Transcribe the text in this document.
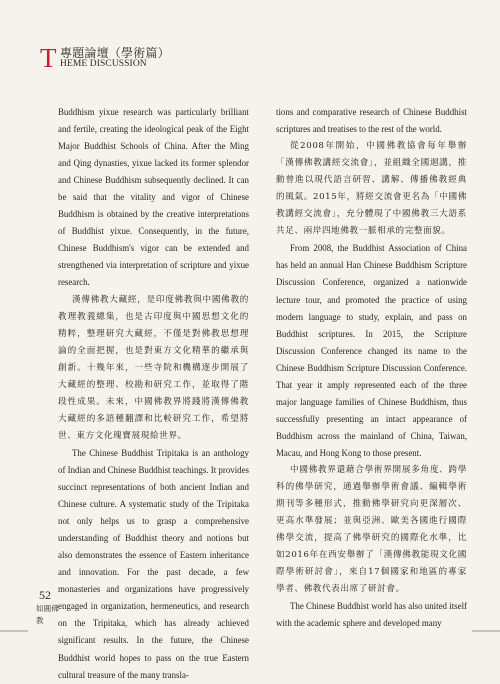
T 專題論壇（學術篇）
HEME DISCUSSION

Buddhism yixue research was particularly brilliant and fertile, creating the ideological peak of the Eight Major Buddhist Schools of China. After the Ming and Qing dynasties, yixue lacked its former splendor and Chinese Buddhism subsequently declined. It can be said that the vitality and vigor of Chinese Buddhism is obtained by the creative interpretations of Buddhist yixue. Consequently, in the future, Chinese Buddhism's vigor can be extended and strengthened via interpretation of scripture and yixue research.

漢傳佛教大藏經，是印度佛教與中國佛教的教理教義總集，也是古印度與中國思想文化的精粹，整理研究大藏經，不僅是對佛教思想理論的全面把握，也是對東方文化精華的繼承與創新。十幾年來，一些寺院和機構逐步開展了大藏經的整理、校勘和研究工作，並取得了階段性成果。未來，中國佛教界將踐將漢傳佛教大藏經的多語種翻譯和比較研究工作，希望將世、東方文化瑰寶展現給世界。

The Chinese Buddhist Tripitaka is an anthology of Indian and Chinese Buddhist teachings. It provides succinct representations of both ancient Indian and Chinese culture. A systematic study of the Tripitaka not only helps us to grasp a comprehensive understanding of Buddhist theory and notions but also demonstrates the essence of Eastern inheritance and innovation. For the past decade, a few monasteries and organizations have progressively engaged in organization, hermeneutics, and research on the Tripitaka, which has already achieved significant results. In the future, the Chinese Buddhist world hopes to pass on the true Eastern cultural treasure of the many transla-

tions and comparative research of Chinese Buddhist scriptures and treatises to the rest of the world.

從2008年開始，中國佛教協會每年舉辦「漢傳佛教講經交流會」，並組織全國迴講，推動曾進以現代語言研習、講解、傳播佛教經典的風氣。2015年，將經交流會更名為「中國佛教講經交流會」，充分體現了中國佛教三大語系共足、兩岸四地佛教一脈相承的完整面貌。

From 2008, the Buddhist Association of China has held an annual Han Chinese Buddhism Scripture Discussion Conference, organized a nationwide lecture tour, and promoted the practice of using modern language to study, explain, and pass on Buddhist scriptures. In 2015, the Scripture Discussion Conference changed its name to the Chinese Buddhism Scripture Discussion Conference. That year it amply represented each of the three major language families of Chinese Buddhism, thus successfully presenting an intact appearance of Buddhism across the mainland of China, Taiwan, Macau, and Hong Kong to those present.

中國佛教界還藉合學術界開展多角度、跨學科的佛學研究，通過舉辦學術會議、編輯學術期刊等多種形式，推動佛學研究向更深層次、更高水準發展；並與亞洲、歐美各國進行國際佛學交流，提高了佛學研究的國際化水準，比如2016年在西安舉辦了「漢傳佛教能現文化國際學術研討會」，來自17個國家和地區的專家學者、佛教代表出席了研討會。

The Chinese Buddhist world has also united itself with the academic sphere and developed many

52
如圓佛教
